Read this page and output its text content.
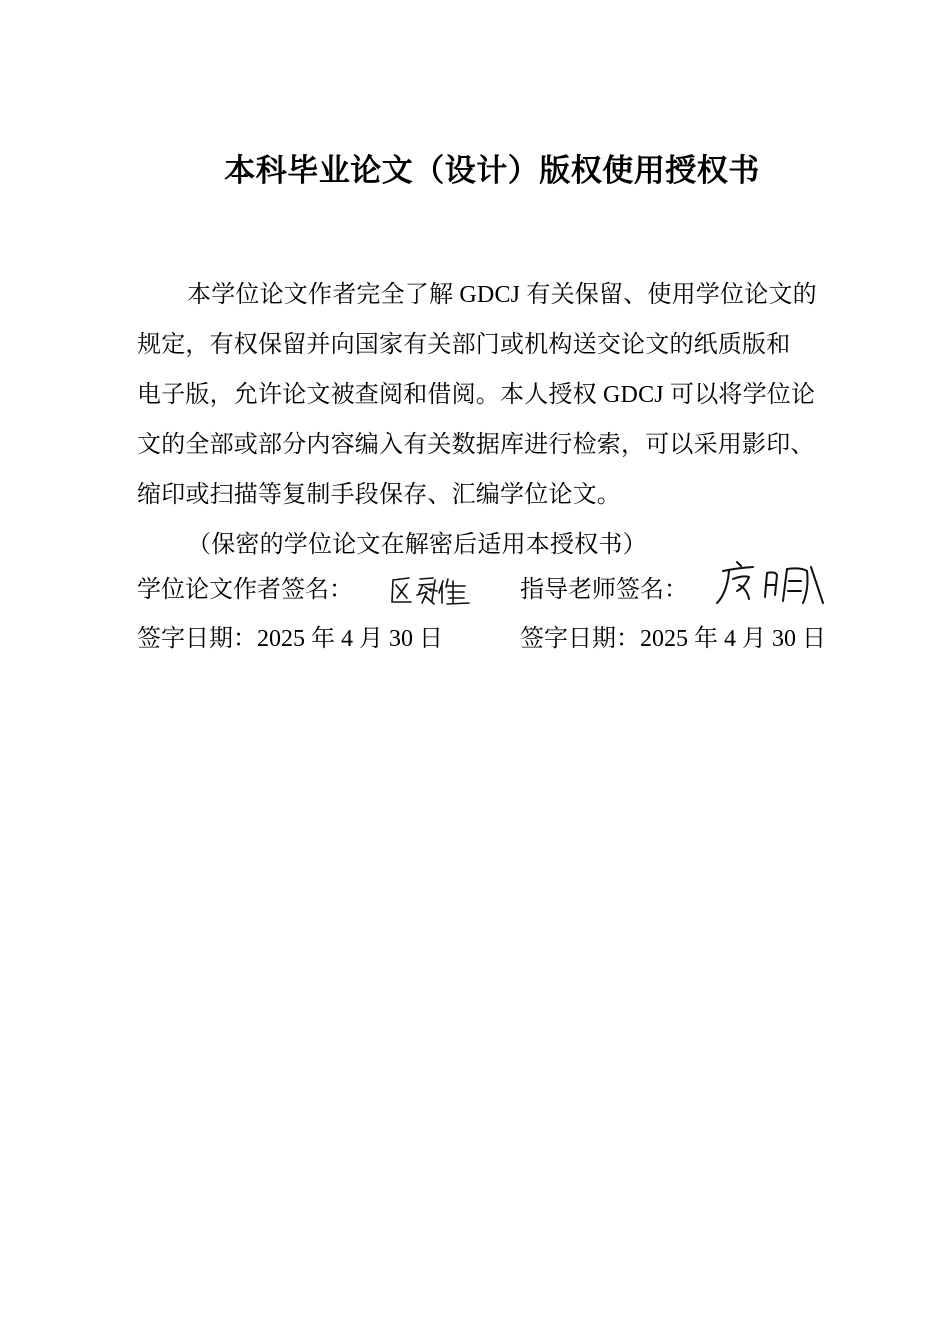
本科毕业论文（设计）版权使用授权书
本学位论文作者完全了解 GDCJ 有关保留、使用学位论文的
规定，有权保留并向国家有关部门或机构送交论文的纸质版和
电子版，允许论文被查阅和借阅。本人授权 GDCJ 可以将学位论
文的全部或部分内容编入有关数据库进行检索，可以采用影印、
缩印或扫描等复制手段保存、汇编学位论文。
（保密的学位论文在解密后适用本授权书）
学位论文作者签名：	指导老师签名：
签字日期：2025 年 4 月 30 日	签字日期：2025 年 4 月 30 日
